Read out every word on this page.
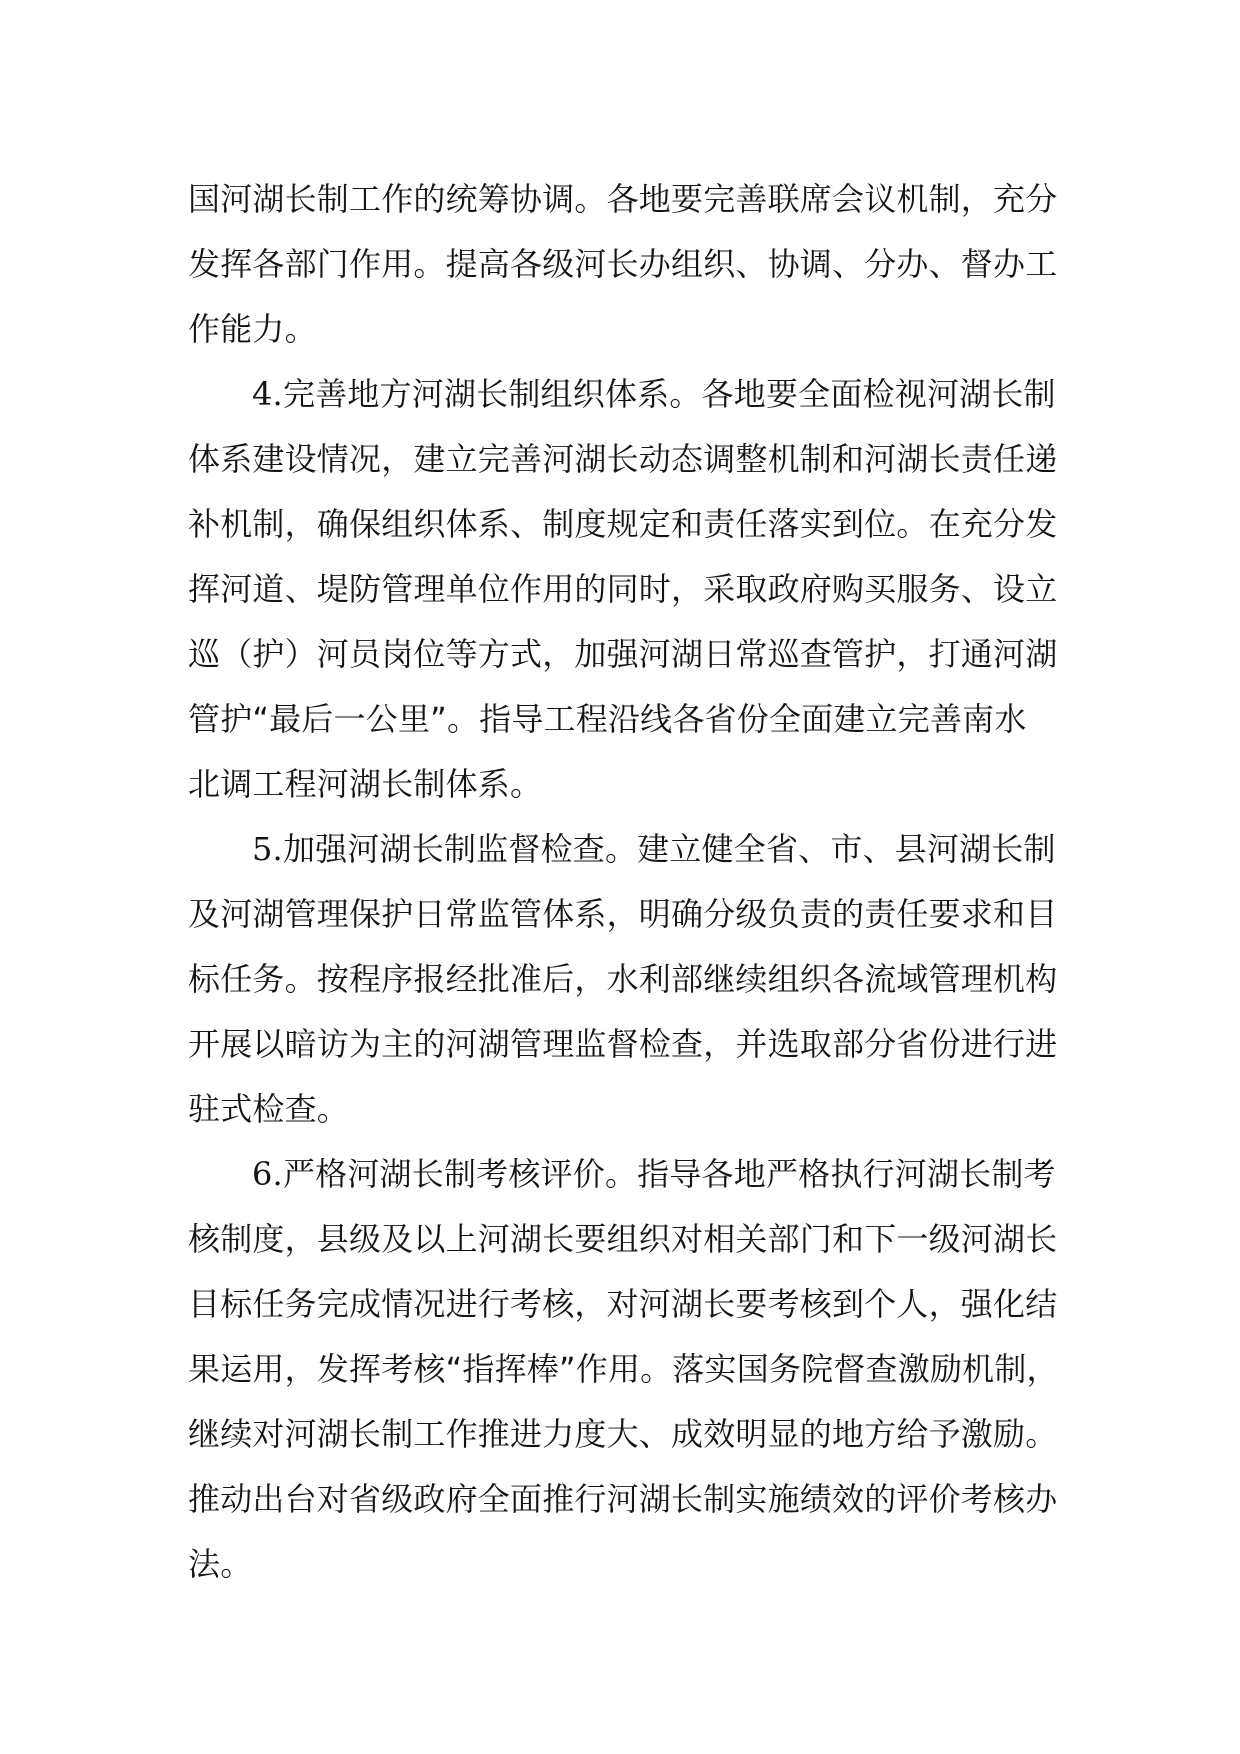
国河湖长制工作的统筹协调。各地要完善联席会议机制，充分
发挥各部门作用。提高各级河长办组织、协调、分办、督办工
作能力。
4.完善地方河湖长制组织体系。各地要全面检视河湖长制
体系建设情况，建立完善河湖长动态调整机制和河湖长责任递
补机制，确保组织体系、制度规定和责任落实到位。在充分发
挥河道、堤防管理单位作用的同时，采取政府购买服务、设立
巡（护）河员岗位等方式，加强河湖日常巡查管护，打通河湖
管护“最后一公里”。指导工程沿线各省份全面建立完善南水
北调工程河湖长制体系。
5.加强河湖长制监督检查。建立健全省、市、县河湖长制
及河湖管理保护日常监管体系，明确分级负责的责任要求和目
标任务。按程序报经批准后，水利部继续组织各流域管理机构
开展以暗访为主的河湖管理监督检查，并选取部分省份进行进
驻式检查。
6.严格河湖长制考核评价。指导各地严格执行河湖长制考
核制度，县级及以上河湖长要组织对相关部门和下一级河湖长
目标任务完成情况进行考核，对河湖长要考核到个人，强化结
果运用，发挥考核“指挥棒”作用。落实国务院督查激励机制，
继续对河湖长制工作推进力度大、成效明显的地方给予激励。
推动出台对省级政府全面推行河湖长制实施绩效的评价考核办
法。
